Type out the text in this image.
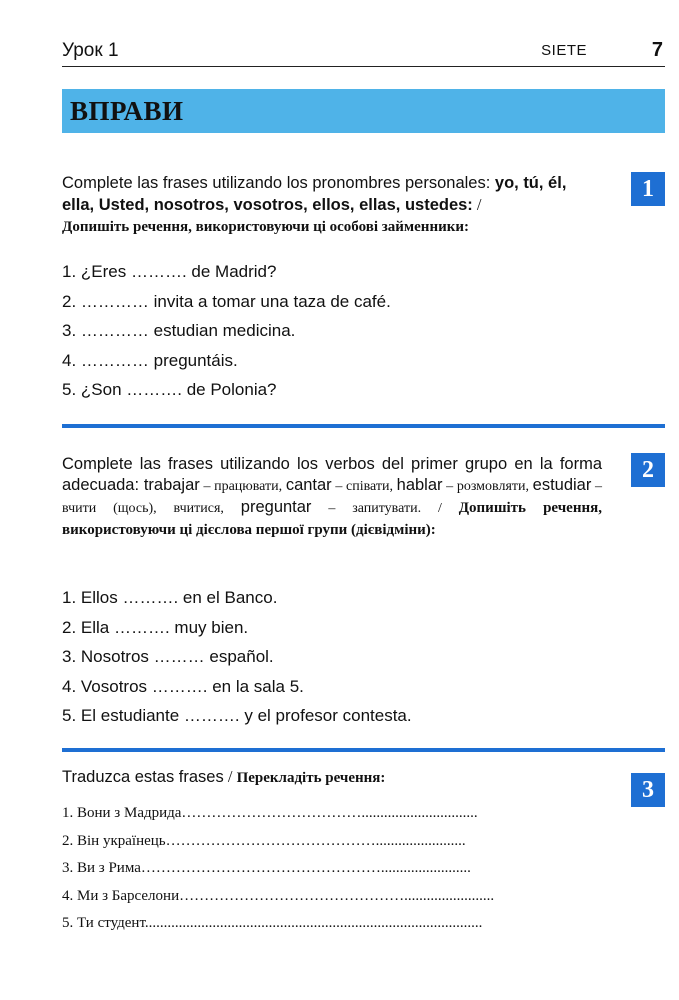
Урок 1	SIETE	7
ВПРАВИ
1
Complete las frases utilizando los pronombres personales: yo, tú, él, ella, Usted, nosotros, vosotros, ellos, ellas, ustedes: /
Допишіть речення, використовуючи ці особові займенники:
1. ¿Eres ………. de Madrid?
2. ………… invita a tomar una taza de café.
3. ………… estudian medicina.
4. ………… preguntáis.
5. ¿Son ………. de Polonia?
2
Complete las frases utilizando los verbos del primer grupo en la forma adecuada: trabajar – працювати, cantar – співати, hablar – розмовляти, estudiar – вчити (щось), вчитися, preguntar – запитувати. / Допишіть речення, використовуючи ці дієслова першої групи (дієвідміни):
1. Ellos ………. en el Banco.
2. Ella ………. muy bien.
3. Nosotros ……… español.
4. Vosotros ………. en la sala 5.
5. El estudiante ………. y el profesor contesta.
3
Traduzca estas frases / Перекладіть речення:
1. Вони з Мадрида………………………………...............................
2. Він українець……………………………………........................
3. Ви з Рима…………………………………………........................
4. Ми з Барселони………………………………………........................
5. Ти студент..........................................................................................
